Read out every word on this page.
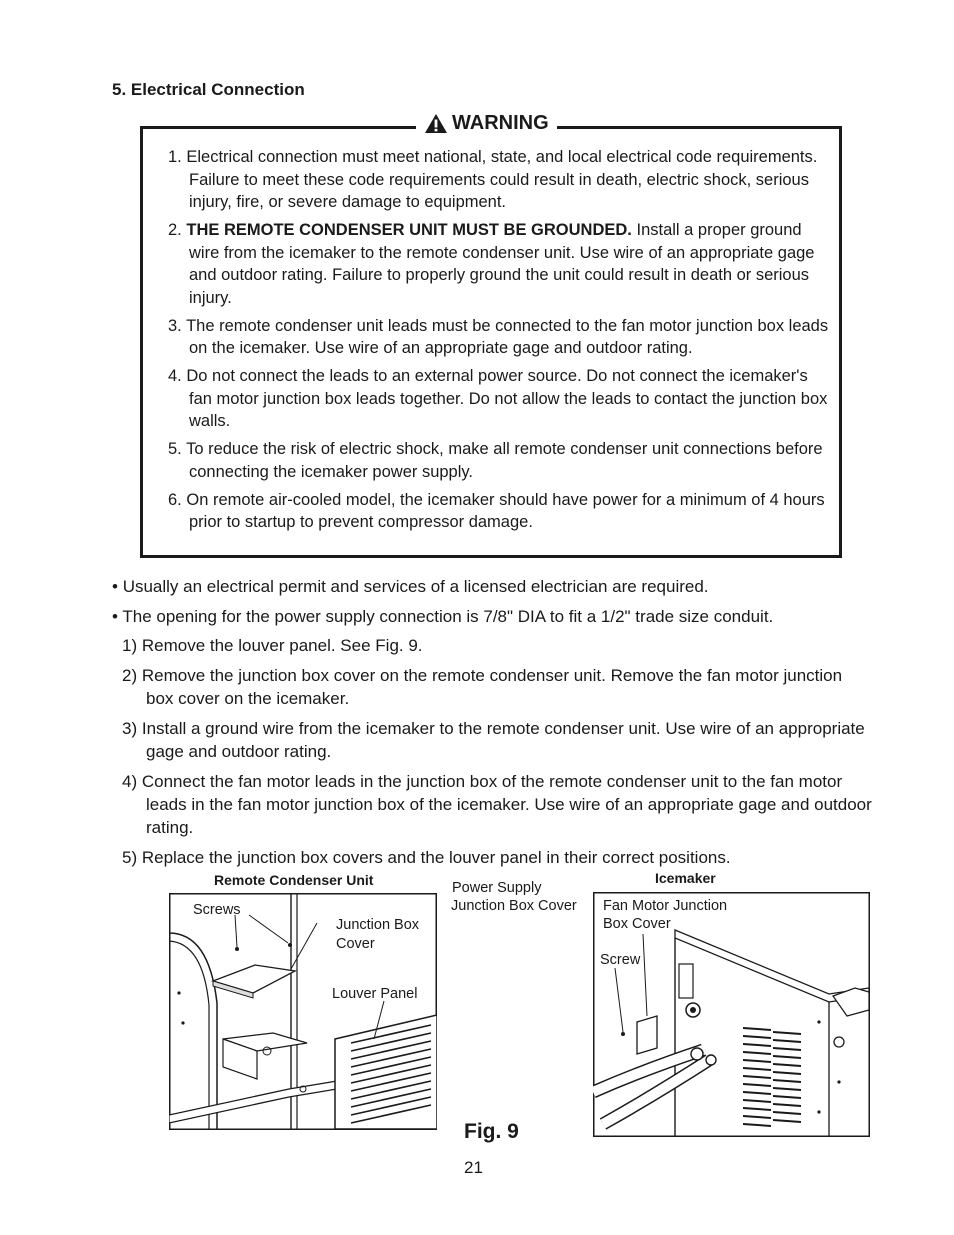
5. Electrical Connection
WARNING
1. Electrical connection must meet national, state, and local electrical code requirements. Failure to meet these code requirements could result in death, electric shock, serious injury, fire, or severe damage to equipment.
2. THE REMOTE CONDENSER UNIT MUST BE GROUNDED. Install a proper ground wire from the icemaker to the remote condenser unit. Use wire of an appropriate gage and outdoor rating. Failure to properly ground the unit could result in death or serious injury.
3. The remote condenser unit leads must be connected to the fan motor junction box leads on the icemaker. Use wire of an appropriate gage and outdoor rating.
4. Do not connect the leads to an external power source. Do not connect the icemaker's fan motor junction box leads together. Do not allow the leads to contact the junction box walls.
5. To reduce the risk of electric shock, make all remote condenser unit connections before connecting the icemaker power supply.
6. On remote air-cooled model, the icemaker should have power for a minimum of 4 hours prior to startup to prevent compressor damage.
• Usually an electrical permit and services of a licensed electrician are required.
• The opening for the power supply connection is 7/8" DIA to fit a 1/2" trade size conduit.
1) Remove the louver panel. See Fig. 9.
2) Remove the junction box cover on the remote condenser unit. Remove the fan motor junction box cover on the icemaker.
3) Install a ground wire from the icemaker to the remote condenser unit. Use wire of an appropriate gage and outdoor rating.
4) Connect the fan motor leads in the junction box of the remote condenser unit to the fan motor leads in the fan motor junction box of the icemaker. Use wire of an appropriate gage and outdoor rating.
5) Replace the junction box covers and the louver panel in their correct positions.
Remote Condenser Unit	Icemaker
Power Supply
Junction Box Cover
Screws
Junction Box
Cover
Louver Panel
Fan Motor Junction
Box Cover
Screw
Fig. 9
21
